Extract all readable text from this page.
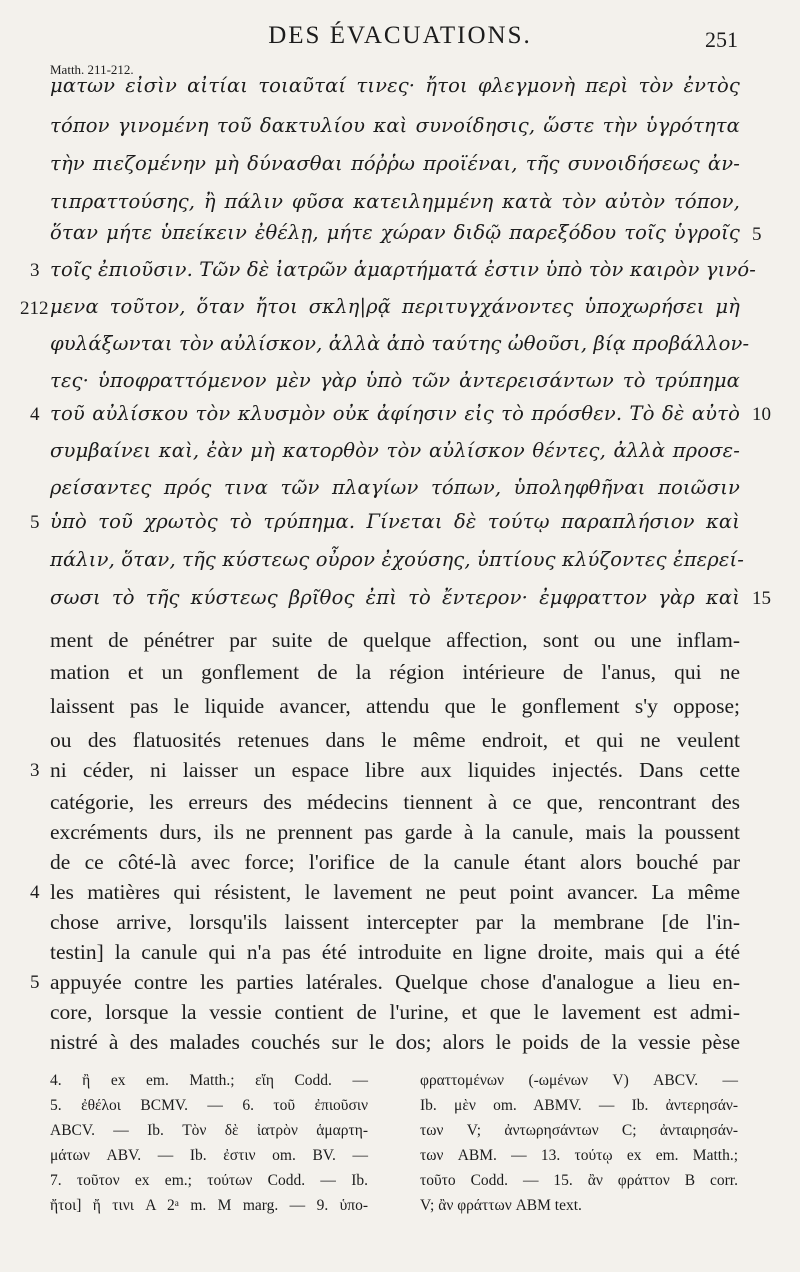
DES ÉVACUATIONS.	251
Matth. 211-212.
ματων εἰσὶν αἰτίαι τοιαῦταί τινες· ἤτοι φλεγμονὴ περὶ τὸν ἐντὸς
τόπον γινομένη τοῦ δακτυλίου καὶ συνοίδησις, ὥστε τὴν ὑγρότητα
τὴν πιεζομένην μὴ δύνασθαι πόῤῥω προϊέναι, τῆς συνοιδήσεως ἀν-
τιπραττούσης, ἢ πάλιν φῦσα κατειλημμένη κατὰ τὸν αὐτὸν τόπον,
ὅταν μήτε ὑπείκειν ἐθέλῃ, μήτε χώραν διδῷ παρεξόδου τοῖς ὑγροῖς
τοῖς ἐπιοῦσιν. Τῶν δὲ ἰατρῶν ἁμαρτήματά ἐστιν ὑπὸ τὸν καιρὸν γινό-
μενα τοῦτον, ὅταν ἤτοι σκλη|ρᾷ περιτυγχάνοντες ὑποχωρήσει μὴ
φυλάξωνται τὸν αὐλίσκον, ἀλλὰ ἀπὸ ταύτης ὠθοῦσι, βίᾳ προβάλλον-
τες· ὑποφραττόμενον μὲν γὰρ ὑπὸ τῶν ἀντερεισάντων τὸ τρύπημα
τοῦ αὐλίσκου τὸν κλυσμὸν οὐκ ἀφίησιν εἰς τὸ πρόσθεν. Τὸ δὲ αὐτὸ
συμβαίνει καὶ, ἐὰν μὴ κατορθὸν τὸν αὐλίσκον θέντες, ἀλλὰ προσε-
ρείσαντες πρός τινα τῶν πλαγίων τόπων, ὑποληφθῆναι ποιῶσιν
ὑπὸ τοῦ χρωτὸς τὸ τρύπημα. Γίνεται δὲ τούτῳ παραπλήσιον καὶ
πάλιν, ὅταν, τῆς κύστεως οὖρον ἐχούσης, ὑπτίους κλύζοντες ἐπερεί-
σωσι τὸ τῆς κύστεως βρῖθος ἐπὶ τὸ ἔντερον· ἐμφραττον γὰρ καὶ
3
212
4
5
5
10
15
ment de pénétrer par suite de quelque affection, sont ou une inflam-
mation et un gonflement de la région intérieure de l'anus, qui ne
laissent pas le liquide avancer, attendu que le gonflement s'y oppose;
ou des flatuosités retenues dans le même endroit, et qui ne veulent
ni céder, ni laisser un espace libre aux liquides injectés. Dans cette
catégorie, les erreurs des médecins tiennent à ce que, rencontrant des
excréments durs, ils ne prennent pas garde à la canule, mais la poussent
de ce côté-là avec force; l'orifice de la canule étant alors bouché par
les matières qui résistent, le lavement ne peut point avancer. La même
chose arrive, lorsqu'ils laissent intercepter par la membrane [de l'in-
testin] la canule qui n'a pas été introduite en ligne droite, mais qui a été
appuyée contre les parties latérales. Quelque chose d'analogue a lieu en-
core, lorsque la vessie contient de l'urine, et que le lavement est admi-
nistré à des malades couchés sur le dos; alors le poids de la vessie pèse
3
4
5
4. ἢ ex em. Matth.; εἴη Codd. —
5. ἐθέλοι BCMV. — 6. τοῦ ἐπιοῦσιν
ABCV. — Ib. Τὸν δὲ ἰατρὸν ἁμαρτη-
μάτων ABV. — Ib. ἐστιν om. BV. —
7. τοῦτον ex em.; τούτων Codd. — Ib.
ἤτοι] ἤ τινι A 2ᵃ m. M marg. — 9. ὑπο-
φραττομένων (-ωμένων V) ABCV. —
Ib. μὲν om. ABMV. — Ib. ἀντερησάν-
των V; ἀντωρησάντων C; ἀνταιρησάν-
των ABM. — 13. τούτῳ ex em. Matth.;
τοῦτο Codd. — 15. ἂν φράττον B corr.
V; ἂν φράττων ABM text.
